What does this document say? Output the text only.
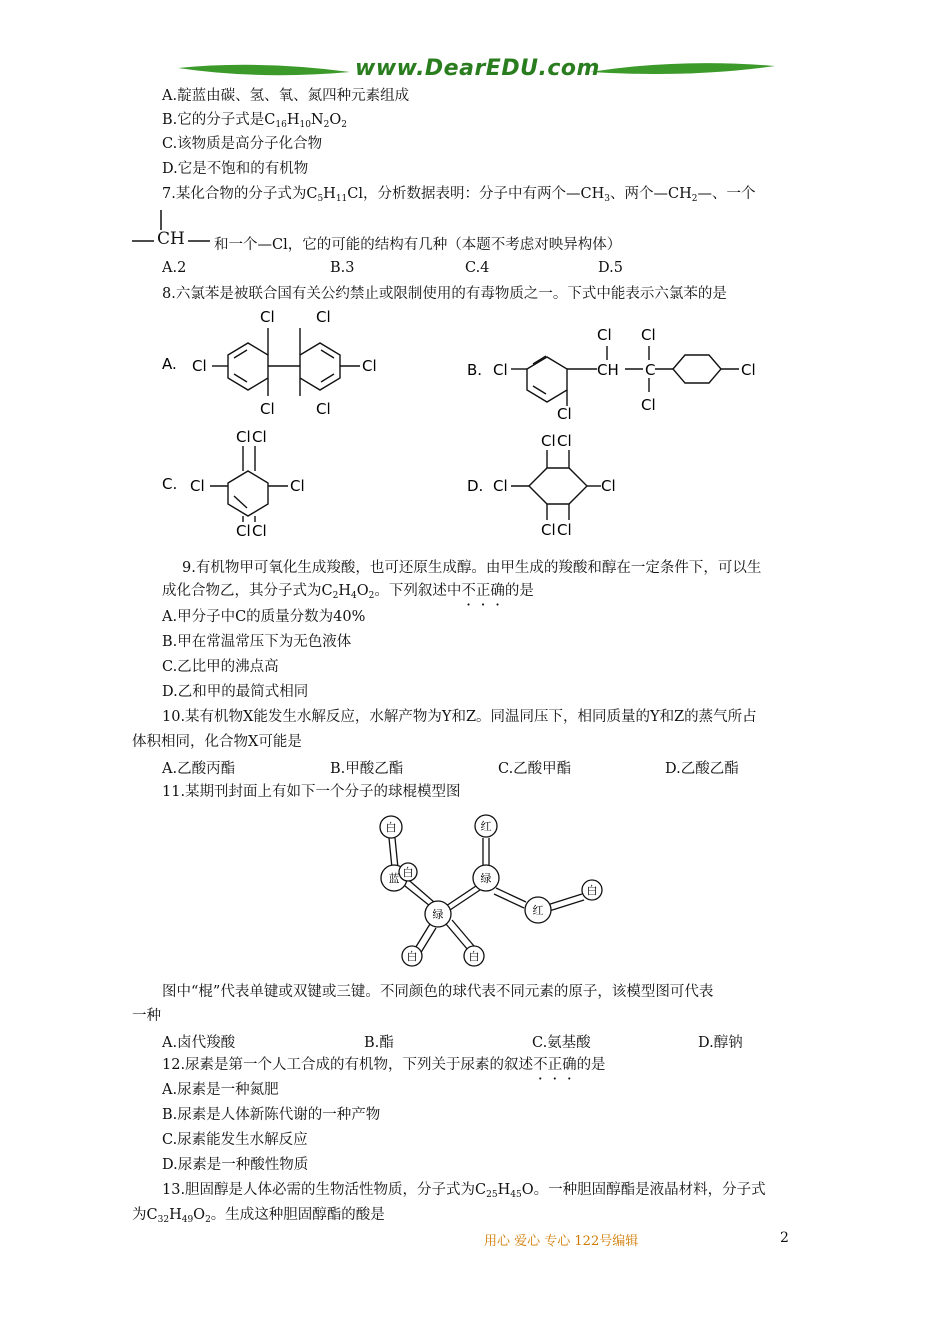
www.DearEDU.com
A.靛蓝由碳、氢、氧、氮四种元素组成
B.它的分子式是$C_{16}H_{10}N_2O_2$
C.该物质是高分子化合物
D.它是不饱和的有机物
7.某化合物的分子式为$C_5H_{11}Cl$，分析数据表明：分子中有两个$—CH_3$、两个$—CH_2—$、一个
CH 和一个—Cl，它的可能的结构有几种（本题不考虑对映异构体）
A.2	B.3	C.4	D.5
8.六氯苯是被联合国有关公约禁止或限制使用的有毒物质之一。下式中能表示六氯苯的是
A. Cl
Cl	Cl
Cl	Cl
Cl	B. Cl	CH
Cl
C
Cl
Cl
Cl
Cl
C. Cl
Cl Cl
Cl Cl
Cl	D. Cl
Cl Cl
Cl Cl
Cl
9.有机物甲可氧化生成羧酸，也可还原生成醇。由甲生成的羧酸和醇在一定条件下，可以生
成化合物乙，其分子式为$C_2H_4O_2$。下列叙述中不正确的是
A.甲分子中C的质量分数为40%
B.甲在常温常压下为无色液体
C.乙比甲的沸点高
D.乙和甲的最简式相同
10.某有机物X能发生水解反应，水解产物为Y和Z。同温同压下，相同质量的Y和Z的蒸气所占
体积相同，化合物X可能是
A.乙酸丙酯	B.甲酸乙酯	C.乙酸甲酯	D.乙酸乙酯
11.某期刊封面上有如下一个分子的球棍模型图
白	红
蓝 白	绿
绿	红
白
白	白
图中“棍”代表单键或双键或三键。不同颜色的球代表不同元素的原子，该模型图可代表
一种
A.卤代羧酸	B.酯	C.氨基酸	D.醇钠
12.尿素是第一个人工合成的有机物，下列关于尿素的叙述不正确的是
A.尿素是一种氮肥
B.尿素是人体新陈代谢的一种产物
C.尿素能发生水解反应
D.尿素是一种酸性物质
13.胆固醇是人体必需的生物活性物质，分子式为$C_{25}H_{45}O$。一种胆固醇酯是液晶材料，分子式
为$C_{32}H_{49}O_2$。生成这种胆固醇酯的酸是
用心 爱心 专心 122号编辑	2
